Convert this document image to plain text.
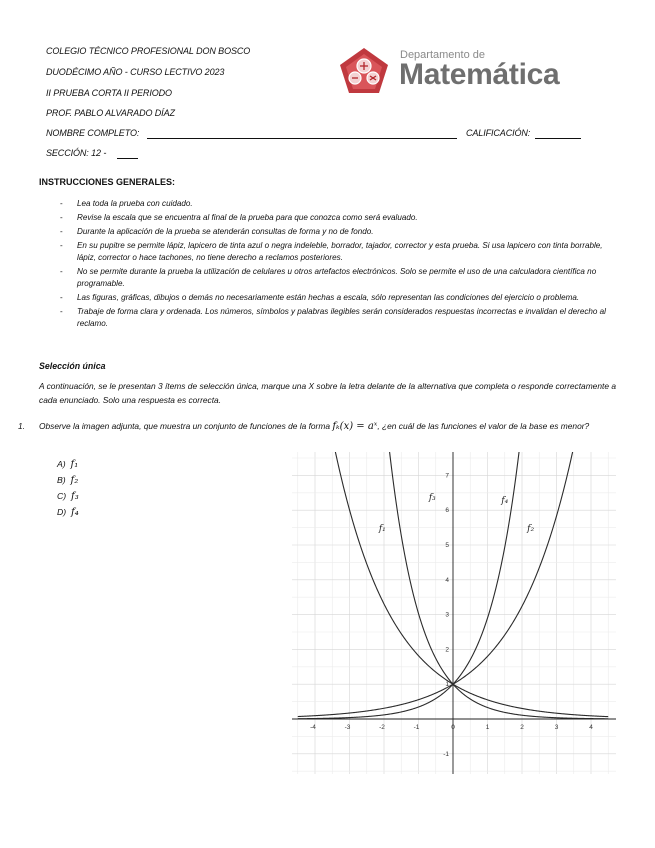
COLEGIO TÉCNICO PROFESIONAL DON BOSCO
DUODÉCIMO AÑO - CURSO LECTIVO 2023
II PRUEBA CORTA II PERIODO
PROF. PABLO ALVARADO DÍAZ
NOMBRE COMPLETO:	CALIFICACIÓN:
SECCIÓN: 12 -
Departamento de
Matemática
INSTRUCCIONES GENERALES:
- Lea toda la prueba con cuidado.
- Revise la escala que se encuentra al final de la prueba para que conozca como será evaluado.
- Durante la aplicación de la prueba se atenderán consultas de forma y no de fondo.
- En su pupitre se permite lápiz, lapicero de tinta azul o negra indeleble, borrador, tajador, corrector y esta prueba. Si usa lapicero con tinta borrable, lápiz, corrector o hace tachones, no tiene derecho a reclamos posteriores.
- No se permite durante la prueba la utilización de celulares u otros artefactos electrónicos. Solo se permite el uso de una calculadora científica no programable.
- Las figuras, gráficas, dibujos o demás no necesariamente están hechas a escala, sólo representan las condiciones del ejercicio o problema.
- Trabaje de forma clara y ordenada. Los números, símbolos y palabras ilegibles serán considerados respuestas incorrectas e invalidan el derecho al reclamo.
Selección única
A continuación, se le presentan 3 ítems de selección única, marque una X sobre la letra delante de la alternativa que completa o responde correctamente a cada enunciado. Solo una respuesta es correcta.
1. Observe la imagen adjunta, que muestra un conjunto de funciones de la forma fₖ(x) = aˣ, ¿en cuál de las funciones el valor de la base es menor?
A) f₁
B) f₂
C) f₃
D) f₄
-4	-3	-2	-1	0	1	2	3	4
-1
1
2
3
4
5
6
7
f₁	f₂
f₃	f₄
